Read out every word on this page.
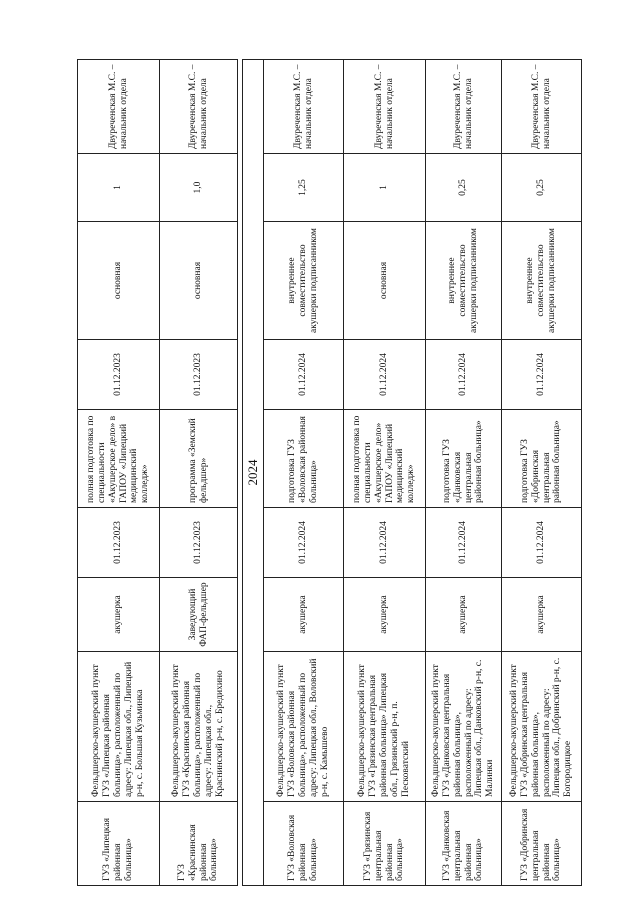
ГУЗ «Липецкая районная больница»	Фельдшерско-акушерский пункт ГУЗ «Липецкая районная больница», расположенный по адресу: Липецкая обл., Липецкий р-н, с. Большая Кузьминка	акушерка	01.12.2023	полная подготовка по специальности «Акушерское дело» в ГАПОУ «Липецкий медицинский колледж»	01.12.2023	основная	1	Двуреченская М.С. – начальник отдела
ГУЗ «Краснинская районная больница»	Фельдшерско-акушерский пункт ГУЗ «Краснинская районная больница», расположенный по адресу: Липецкая обл., Краснинский р-н, с. Бредихино	Заведующий ФАП-фельдшер	01.12.2023	программа «Земский фельдшер»	01.12.2023	основная	1,0	Двуреченская М.С. – начальник отдела

2024								
ГУЗ «Воловская районная больница»	Фельдшерско-акушерский пункт ГУЗ «Воловская районная больница», расположенный по адресу: Липецкая обл., Воловский р-н, с. Камышево	акушерка	01.12.2024	подготовка ГУЗ «Воловская районная больница»	01.12.2024	внутреннее совместительство акушерки подписанником	1,25	Двуреченская М.С. – начальник отдела
ГУЗ «Грязинская центральная районная больница»	Фельдшерско-акушерский пункт ГУЗ «Грязинская центральная районная больница» Липецкая обл., Грязинский р-н, п. Песковатский	акушерка	01.12.2024	полная подготовка по специальности «Акушерское дело» ГАПОУ «Липецкий медицинский колледж»	01.12.2024	основная	1	Двуреченская М.С. – начальник отдела
ГУЗ «Данковская центральная районная больница»	Фельдшерско-акушерский пункт ГУЗ «Данковская центральная районная больница», расположенный по адресу: Липецкая обл., Данковский р-н, с. Малинки	акушерка	01.12.2024	подготовка ГУЗ «Данковская центральная районная больница»	01.12.2024	внутреннее совместительство акушерки подписанником	0,25	Двуреченская М.С. – начальник отдела
ГУЗ «Добринская центральная районная больница»	Фельдшерско-акушерский пункт ГУЗ «Добринская центральная районная больница», расположенный по адресу: Липецкая обл., Добринский р-н, с. Богородицкое	акушерка	01.12.2024	подготовка ГУЗ «Добринская центральная районная больница»	01.12.2024	внутреннее совместительство акушерки подписанником	0,25	Двуреченская М.С. – начальник отдела
